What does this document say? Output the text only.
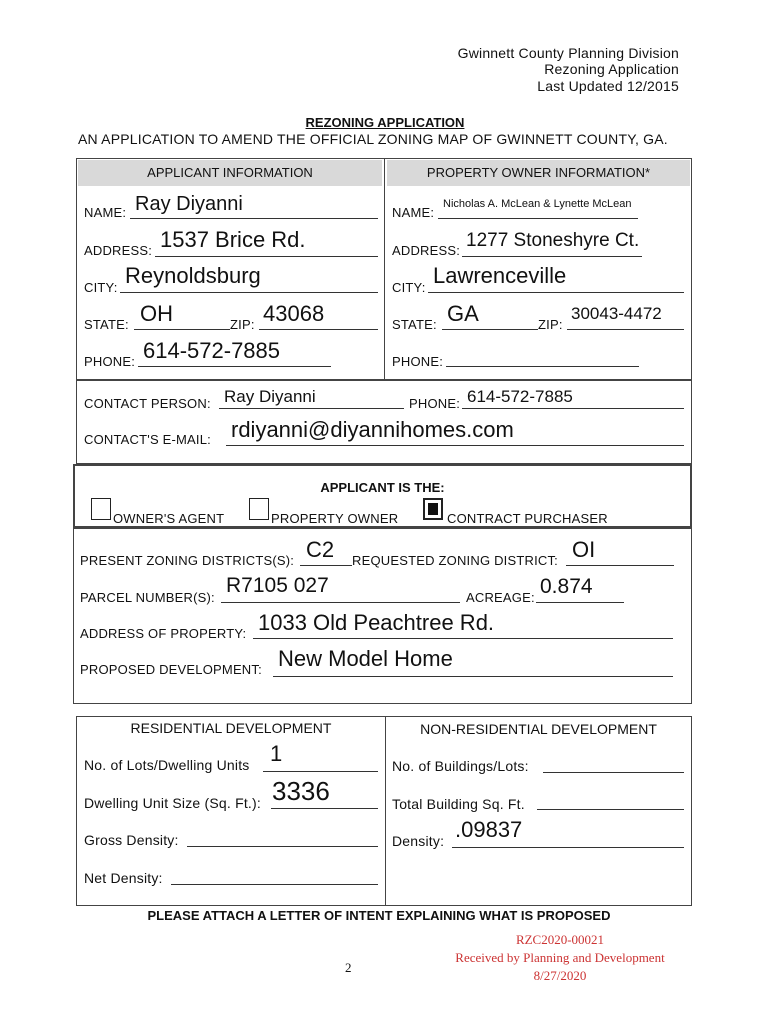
Gwinnett County Planning Division
Rezoning Application
Last Updated 12/2015
REZONING APPLICATION
AN APPLICATION TO AMEND THE OFFICIAL ZONING MAP OF GWINNETT COUNTY, GA.
APPLICANT INFORMATION	PROPERTY OWNER INFORMATION*
NAME: Ray Diyanni
ADDRESS: 1537 Brice Rd.
CITY: Reynoldsburg
STATE: OH	ZIP: 43068
PHONE: 614-572-7885
NAME:
Nicholas A. McLean & Lynette McLean
ADDRESS: 1277 Stoneshyre Ct.
CITY: Lawrenceville
STATE: GA	ZIP:
30043-4472
PHONE:
CONTACT PERSON: Ray Diyanni	PHONE: 614-572-7885
CONTACT'S E-MAIL: rdiyanni@diyannihomes.com
APPLICANT IS THE:
OWNER'S AGENT	PROPERTY OWNER	CONTRACT PURCHASER
PRESENT ZONING DISTRICTS(S): C2 REQUESTED ZONING DISTRICT: OI
PARCEL NUMBER(S):
R7105 027
ACREAGE: 0.874
ADDRESS OF PROPERTY: 1033 Old Peachtree Rd.
PROPOSED DEVELOPMENT: New Model Home
RESIDENTIAL DEVELOPMENT	NON-RESIDENTIAL DEVELOPMENT
No. of Lots/Dwelling Units 1
Dwelling Unit Size (Sq. Ft.): 3336
Gross Density:
Net Density:
No. of Buildings/Lots:
Total Building Sq. Ft.
Density: .09837
PLEASE ATTACH A LETTER OF INTENT EXPLAINING WHAT IS PROPOSED
2
RZC2020-00021
Received by Planning and Development
8/27/2020
